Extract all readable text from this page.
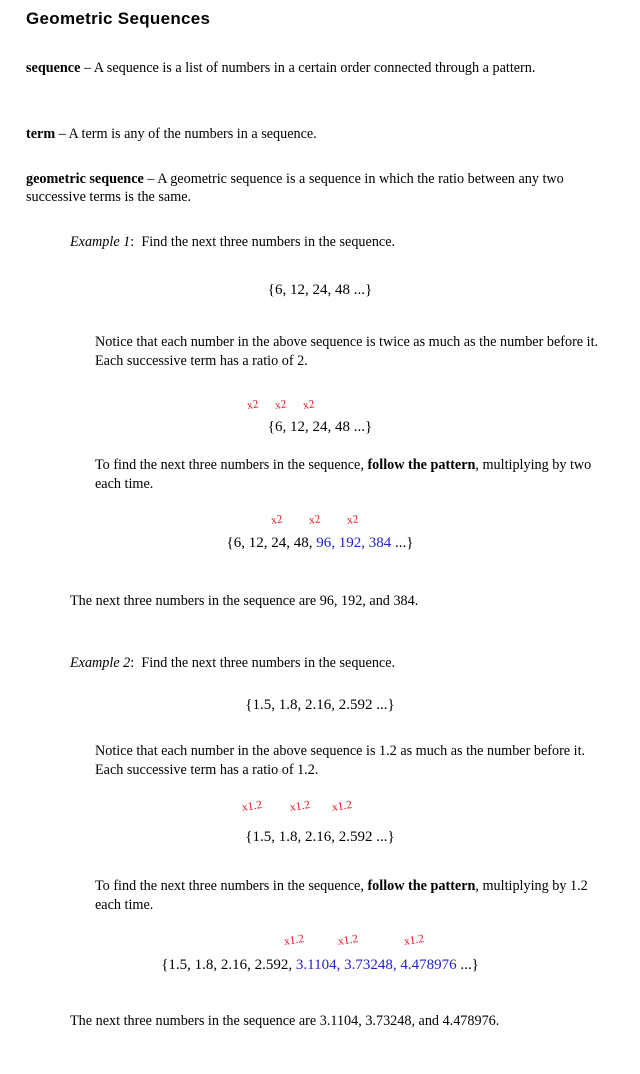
Geometric Sequences
sequence – A sequence is a list of numbers in a certain order connected through a pattern.
term – A term is any of the numbers in a sequence.
geometric sequence – A geometric sequence is a sequence in which the ratio between any two successive terms is the same.
Example 1: Find the next three numbers in the sequence.
{6, 12, 24, 48 ...}
Notice that each number in the above sequence is twice as much as the number before it. Each successive term has a ratio of 2.
x2 x2 x2
{6, 12, 24, 48 ...}
To find the next three numbers in the sequence, follow the pattern, multiplying by two each time.
x2 x2 x2
{6, 12, 24, 48, 96, 192, 384 ...}
The next three numbers in the sequence are 96, 192, and 384.
Example 2: Find the next three numbers in the sequence.
{1.5, 1.8, 2.16, 2.592 ...}
Notice that each number in the above sequence is 1.2 as much as the number before it. Each successive term has a ratio of 1.2.
x1.2 x1.2 x1.2
{1.5, 1.8, 2.16, 2.592 ...}
To find the next three numbers in the sequence, follow the pattern, multiplying by 1.2 each time.
x1.2	x1.2	x1.2
{1.5, 1.8, 2.16, 2.592, 3.1104, 3.73248, 4.478976 ...}
The next three numbers in the sequence are 3.1104, 3.73248, and 4.478976.
